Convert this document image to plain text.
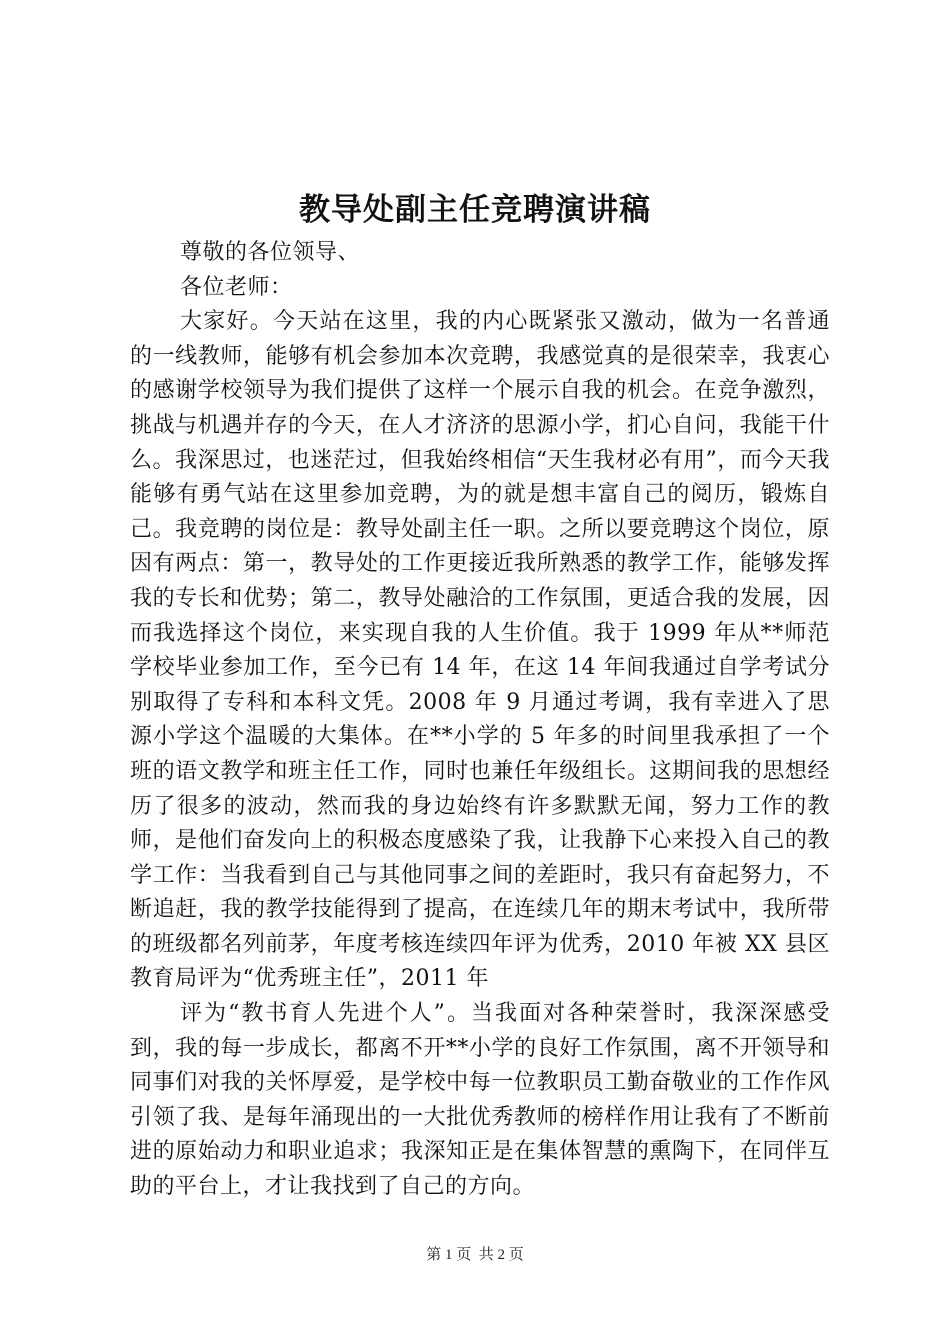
教导处副主任竞聘演讲稿

尊敬的各位领导、

各位老师：

大家好。今天站在这里，我的内心既紧张又激动，做为一名普通的一线教师，能够有机会参加本次竞聘，我感觉真的是很荣幸，我衷心的感谢学校领导为我们提供了这样一个展示自我的机会。在竞争激烈，挑战与机遇并存的今天，在人才济济的思源小学，扪心自问，我能干什么。我深思过，也迷茫过，但我始终相信“天生我材必有用”，而今天我能够有勇气站在这里参加竞聘，为的就是想丰富自己的阅历，锻炼自己。我竞聘的岗位是：教导处副主任一职。之所以要竞聘这个岗位，原因有两点：第一，教导处的工作更接近我所熟悉的教学工作，能够发挥我的专长和优势；第二，教导处融洽的工作氛围，更适合我的发展，因而我选择这个岗位，来实现自我的人生价值。我于 1999 年从**师范学校毕业参加工作，至今已有 14 年，在这 14 年间我通过自学考试分别取得了专科和本科文凭。2008 年 9 月通过考调，我有幸进入了思源小学这个温暖的大集体。在**小学的 5 年多的时间里我承担了一个班的语文教学和班主任工作，同时也兼任年级组长。这期间我的思想经历了很多的波动，然而我的身边始终有许多默默无闻，努力工作的教师，是他们奋发向上的积极态度感染了我，让我静下心来投入自己的教学工作：当我看到自己与其他同事之间的差距时，我只有奋起努力，不断追赶，我的教学技能得到了提高，在连续几年的期末考试中，我所带的班级都名列前茅，年度考核连续四年评为优秀，2010 年被 XX 县区教育局评为“优秀班主任”，2011 年

评为“教书育人先进个人”。当我面对各种荣誉时，我深深感受到，我的每一步成长，都离不开**小学的良好工作氛围，离不开领导和同事们对我的关怀厚爱，是学校中每一位教职员工勤奋敬业的工作作风引领了我、是每年涌现出的一大批优秀教师的榜样作用让我有了不断前进的原始动力和职业追求；我深知正是在集体智慧的熏陶下，在同伴互助的平台上，才让我找到了自己的方向。

第 1 页  共 2 页
